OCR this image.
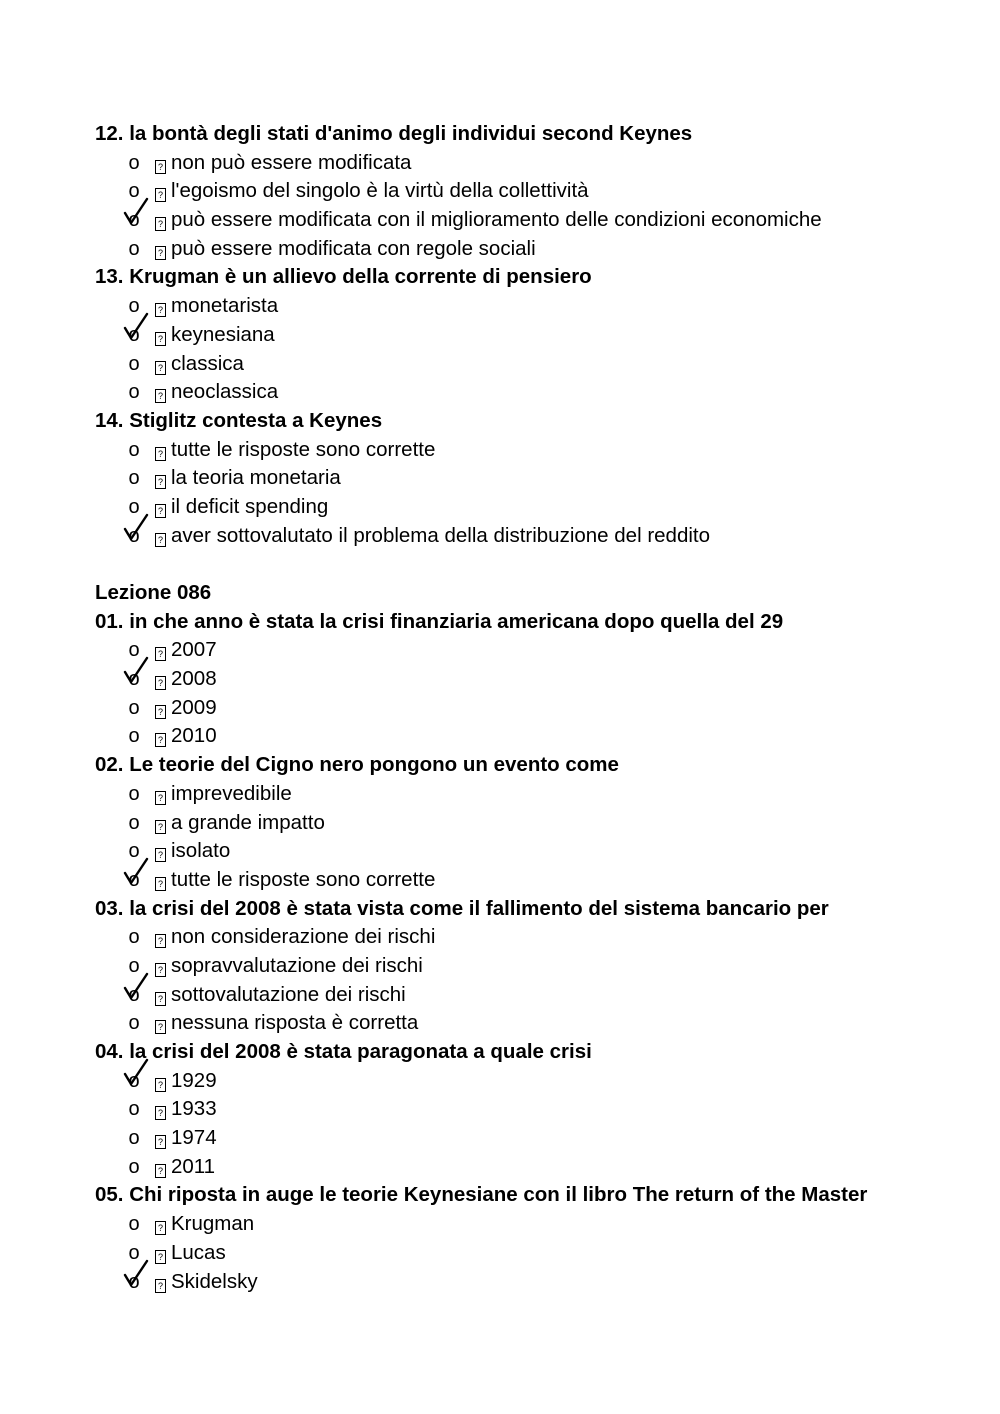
12. la bontà degli stati d'animo degli individui second Keynes
o ? non può essere modificata
o ? l'egoismo del singolo è la virtù della collettività
o ? può essere modificata con il miglioramento delle condizioni economiche
o ? può essere modificata con regole sociali
13. Krugman è un allievo della corrente di pensiero
o ? monetarista
o ? keynesiana
o ? classica
o ? neoclassica
14. Stiglitz contesta a Keynes
o ? tutte le risposte sono corrette
o ? la teoria monetaria
o ? il deficit spending
o ? aver sottovalutato il problema della distribuzione del reddito
Lezione 086
01. in che anno è stata la crisi finanziaria americana dopo quella del 29
o ? 2007
o ? 2008
o ? 2009
o ? 2010
02. Le teorie del Cigno nero pongono un evento come
o ? imprevedibile
o ? a grande impatto
o ? isolato
o ? tutte le risposte sono corrette
03. la crisi del 2008 è stata vista come il fallimento del sistema bancario per
o ? non considerazione dei rischi
o ? sopravvalutazione dei rischi
o ? sottovalutazione dei rischi
o ? nessuna risposta è corretta
04. la crisi del 2008 è stata paragonata a quale crisi
o ? 1929
o ? 1933
o ? 1974
o ? 2011
05. Chi riposta in auge le teorie Keynesiane con il libro The return of the Master
o ? Krugman
o ? Lucas
o ? Skidelsky
